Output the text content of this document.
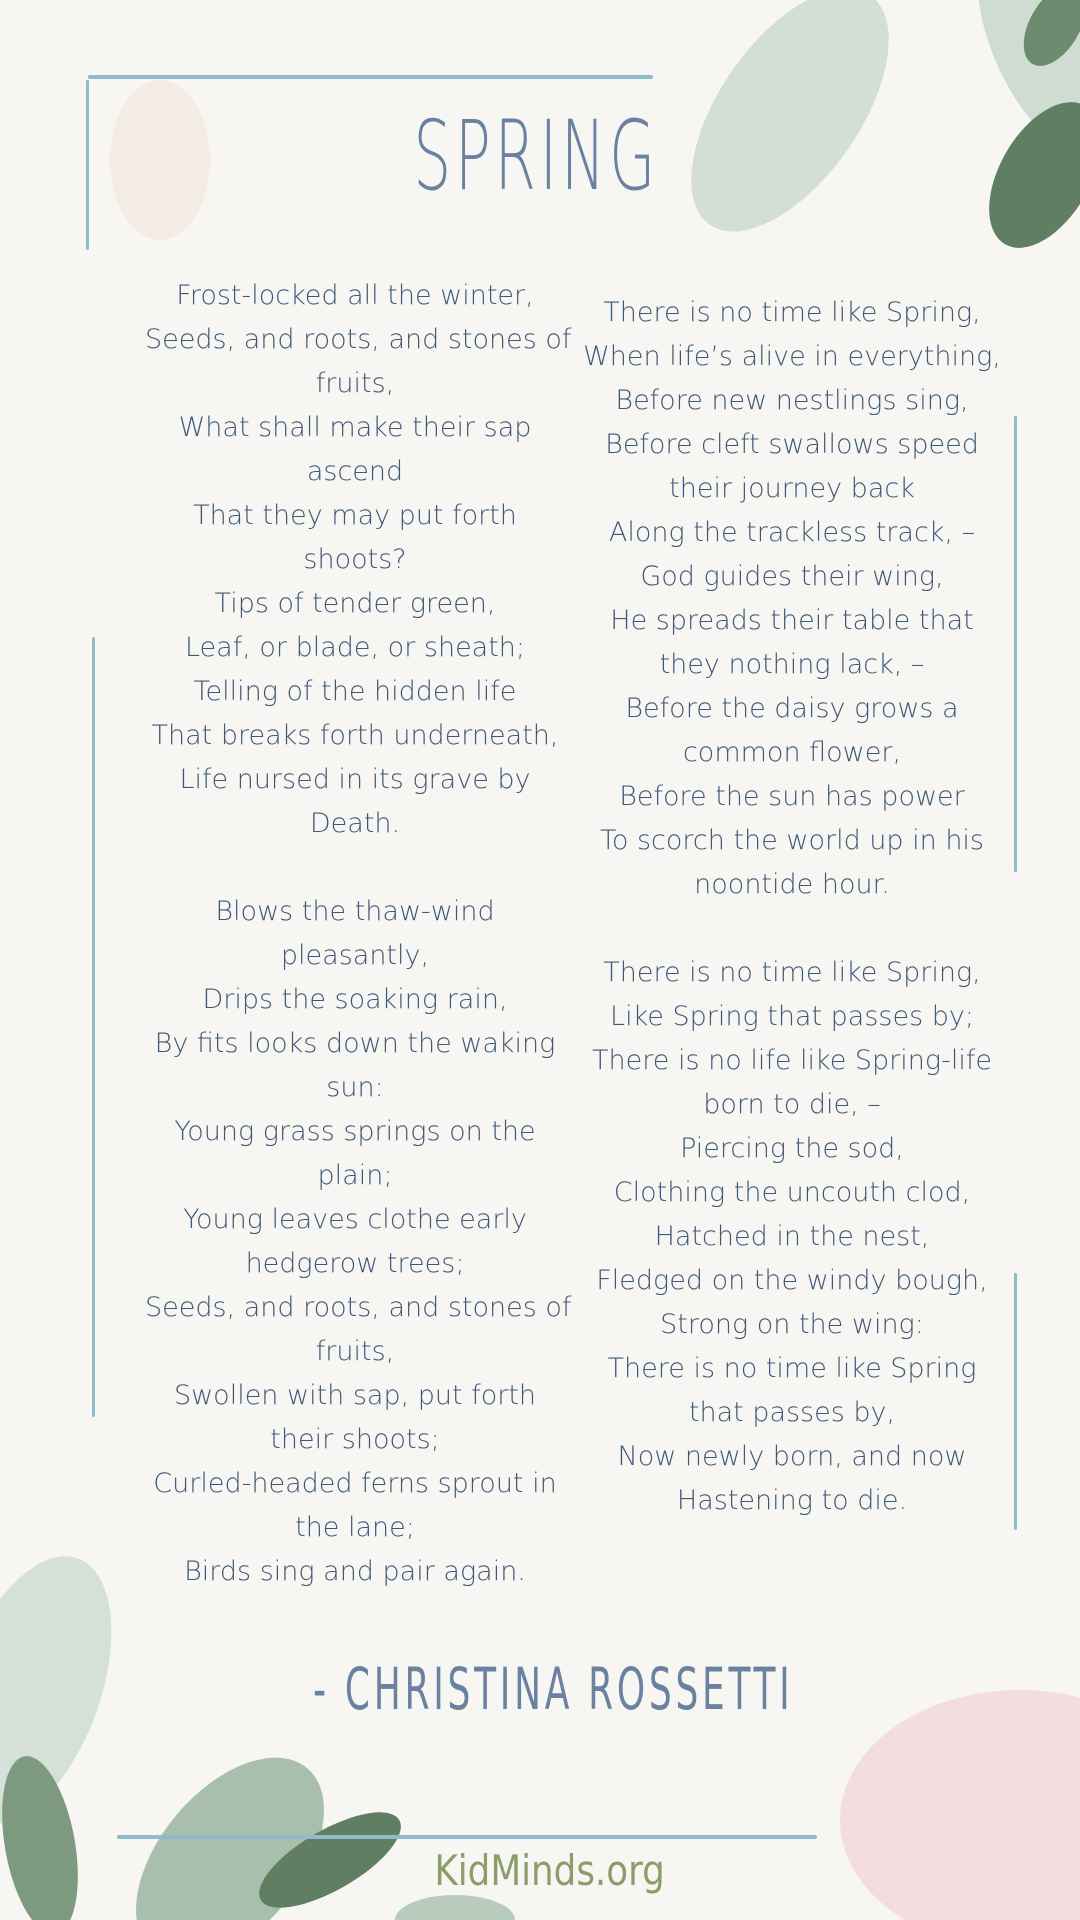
SPRING
Frost-locked all the winter,
Seeds, and roots, and stones of
fruits,
What shall make their sap
ascend
That they may put forth
shoots?
Tips of tender green,
Leaf, or blade, or sheath;
Telling of the hidden life
That breaks forth underneath,
Life nursed in its grave by
Death.
Blows the thaw-wind
pleasantly,
Drips the soaking rain,
By fits looks down the waking
sun:
Young grass springs on the
plain;
Young leaves clothe early
hedgerow trees;
Seeds, and roots, and stones of
fruits,
Swollen with sap, put forth
their shoots;
Curled-headed ferns sprout in
the lane;
Birds sing and pair again.
There is no time like Spring,
When life’s alive in everything,
Before new nestlings sing,
Before cleft swallows speed
their journey back
Along the trackless track, –
God guides their wing,
He spreads their table that
they nothing lack, –
Before the daisy grows a
common flower,
Before the sun has power
To scorch the world up in his
noontide hour.
There is no time like Spring,
Like Spring that passes by;
There is no life like Spring-life
born to die, –
Piercing the sod,
Clothing the uncouth clod,
Hatched in the nest,
Fledged on the windy bough,
Strong on the wing:
There is no time like Spring
that passes by,
Now newly born, and now
Hastening to die.
- CHRISTINA ROSSETTI
KidMinds.org
